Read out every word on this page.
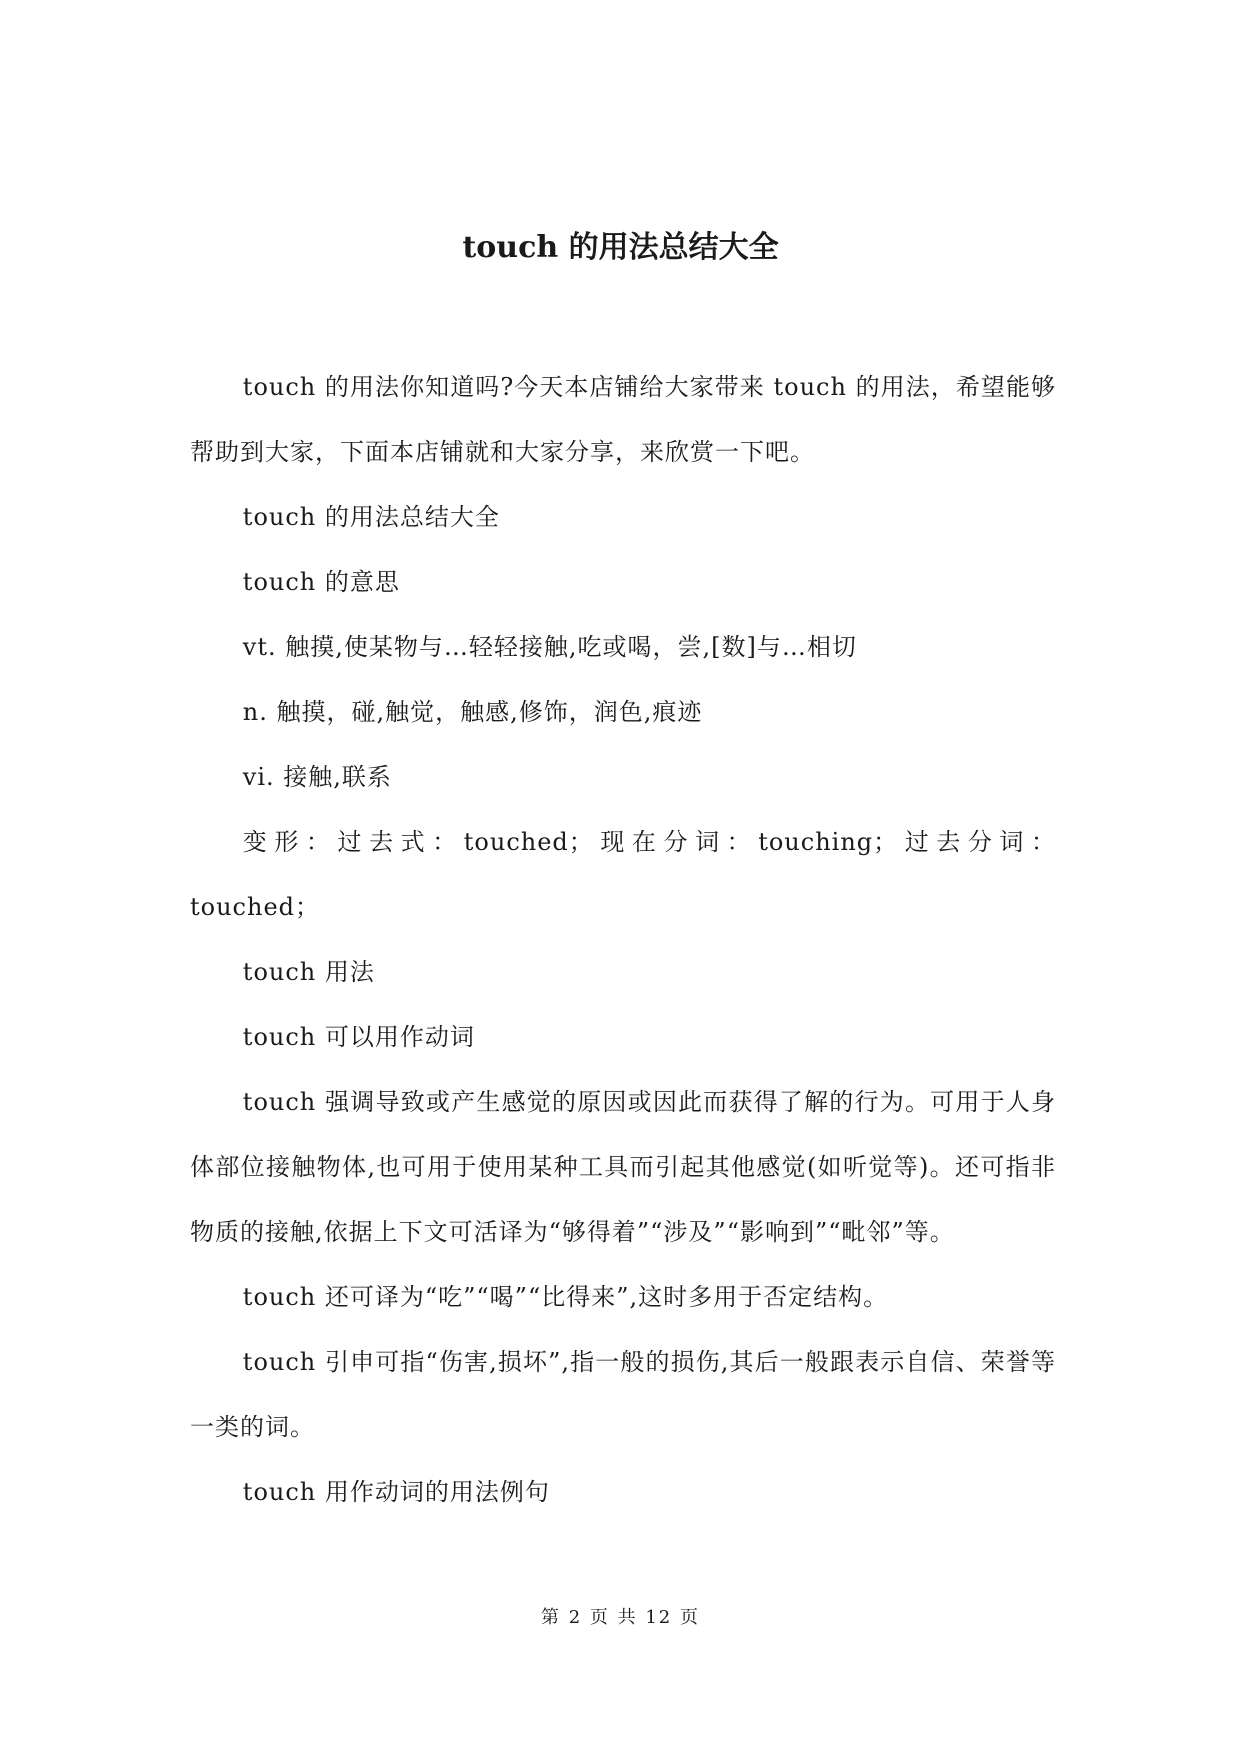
touch 的用法总结大全

touch 的用法你知道吗?今天本店铺给大家带来 touch 的用法，希望能够帮助到大家，下面本店铺就和大家分享，来欣赏一下吧。

touch 的用法总结大全

touch 的意思

vt. 触摸,使某物与…轻轻接触,吃或喝，尝,[数]与…相切

n. 触摸，碰,触觉，触感,修饰，润色,痕迹

vi. 接触,联系

变形：过去式：touched；现在分词：touching；过去分词：touched；

touch 用法

touch 可以用作动词

touch 强调导致或产生感觉的原因或因此而获得了解的行为。可用于人身体部位接触物体,也可用于使用某种工具而引起其他感觉(如听觉等)。还可指非物质的接触,依据上下文可活译为“够得着”“涉及”“影响到”“毗邻”等。

touch 还可译为“吃”“喝”“比得来”,这时多用于否定结构。

touch 引申可指“伤害,损坏”,指一般的损伤,其后一般跟表示自信、荣誉等一类的词。

touch 用作动词的用法例句

第 2 页 共 12 页
